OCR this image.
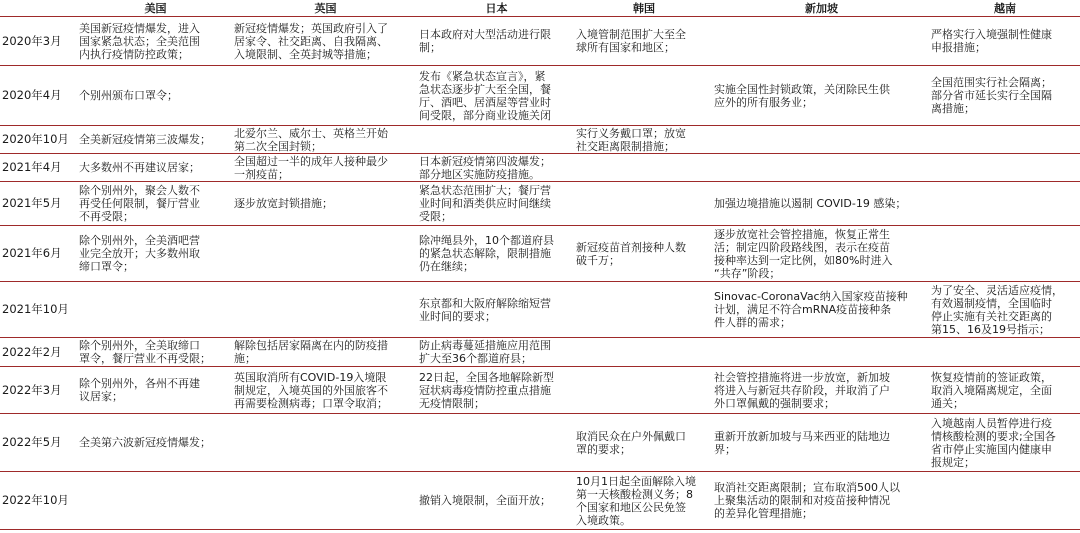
	美国	英国	日本	韩国	新加坡	越南
2020年3月	美国新冠疫情爆发，进入
国家紧急状态；全美范围
内执行疫情防控政策；	新冠疫情爆发；英国政府引入了
居家令、社交距离、自我隔离、
入境限制、全英封城等措施；	日本政府对大型活动进行限
制；	入境管制范围扩大至全
球所有国家和地区；		严格实行入境强制性健康
申报措施；
2020年4月	个别州颁布口罩令；		发布《紧急状态宣言》，紧
急状态逐步扩大至全国，餐
厅、酒吧、居酒屋等营业时
间受限，部分商业设施关闭		实施全国性封锁政策，关闭除民生供
应外的所有服务业；	全国范围实行社会隔离；
部分省市延长实行全国隔
离措施；
2020年10月	全美新冠疫情第三波爆发；	北爱尔兰、威尔士、英格兰开始
第二次全国封锁；		实行义务戴口罩；放宽
社交距离限制措施；		
2021年4月	大多数州不再建议居家；	全国超过一半的成年人接种最少
一剂疫苗；	日本新冠疫情第四波爆发；
部分地区实施防疫措施。			
2021年5月	除个别州外，聚会人数不
再受任何限制，餐厅营业
不再受限；	逐步放宽封锁措施；	紧急状态范围扩大；餐厅营
业时间和酒类供应时间继续
受限；		加强边境措施以遏制 COVID-19 感染；	
2021年6月	除个别州外，全美酒吧营
业完全放开；大多数州取
缔口罩令；		除冲绳县外，10个都道府县
的紧急状态解除，限制措施
仍在继续；	新冠疫苗首剂接种人数
破千万；	逐步放宽社会管控措施，恢复正常生
活；制定四阶段路线图，表示在疫苗
接种率达到一定比例，如80%时进入
“共存”阶段；	
2021年10月			东京都和大阪府解除缩短营
业时间的要求；		Sinovac-CoronaVac纳入国家疫苗接种
计划，满足不符合mRNA疫苗接种条
件人群的需求；	为了安全、灵活适应疫情，
有效遏制疫情，全国临时
停止实施有关社交距离的
第15、16及19号指示；
2022年2月	除个别州外，全美取缔口
罩令，餐厅营业不再受限；	解除包括居家隔离在内的防疫措
施；	防止病毒蔓延措施应用范围
扩大至36个都道府县；			
2022年3月	除个别州外，各州不再建
议居家；	英国取消所有COVID-19入境限
制规定，入境英国的外国旅客不
再需要检测病毒；口罩令取消；	22日起，全国各地解除新型
冠状病毒疫情防控重点措施
无疫情限制；		社会管控措施将进一步放宽，新加坡
将进入与新冠共存阶段，并取消了户
外口罩佩戴的强制要求；	恢复疫情前的签证政策，
取消入境隔离规定，全面
通关；
2022年5月	全美第六波新冠疫情爆发；			取消民众在户外佩戴口
罩的要求；	重新开放新加坡与马来西亚的陆地边
界；	入境越南人员暂停进行疫
情核酸检测的要求;全国各
省市停止实施国内健康申
报规定；
2022年10月			撤销入境限制，全面开放；	10月1日起全面解除入境
第一天核酸检测义务；8
个国家和地区公民免签
入境政策。	取消社交距离限制；宣布取消500人以
上聚集活动的限制和对疫苗接种情况
的差异化管理措施；	
